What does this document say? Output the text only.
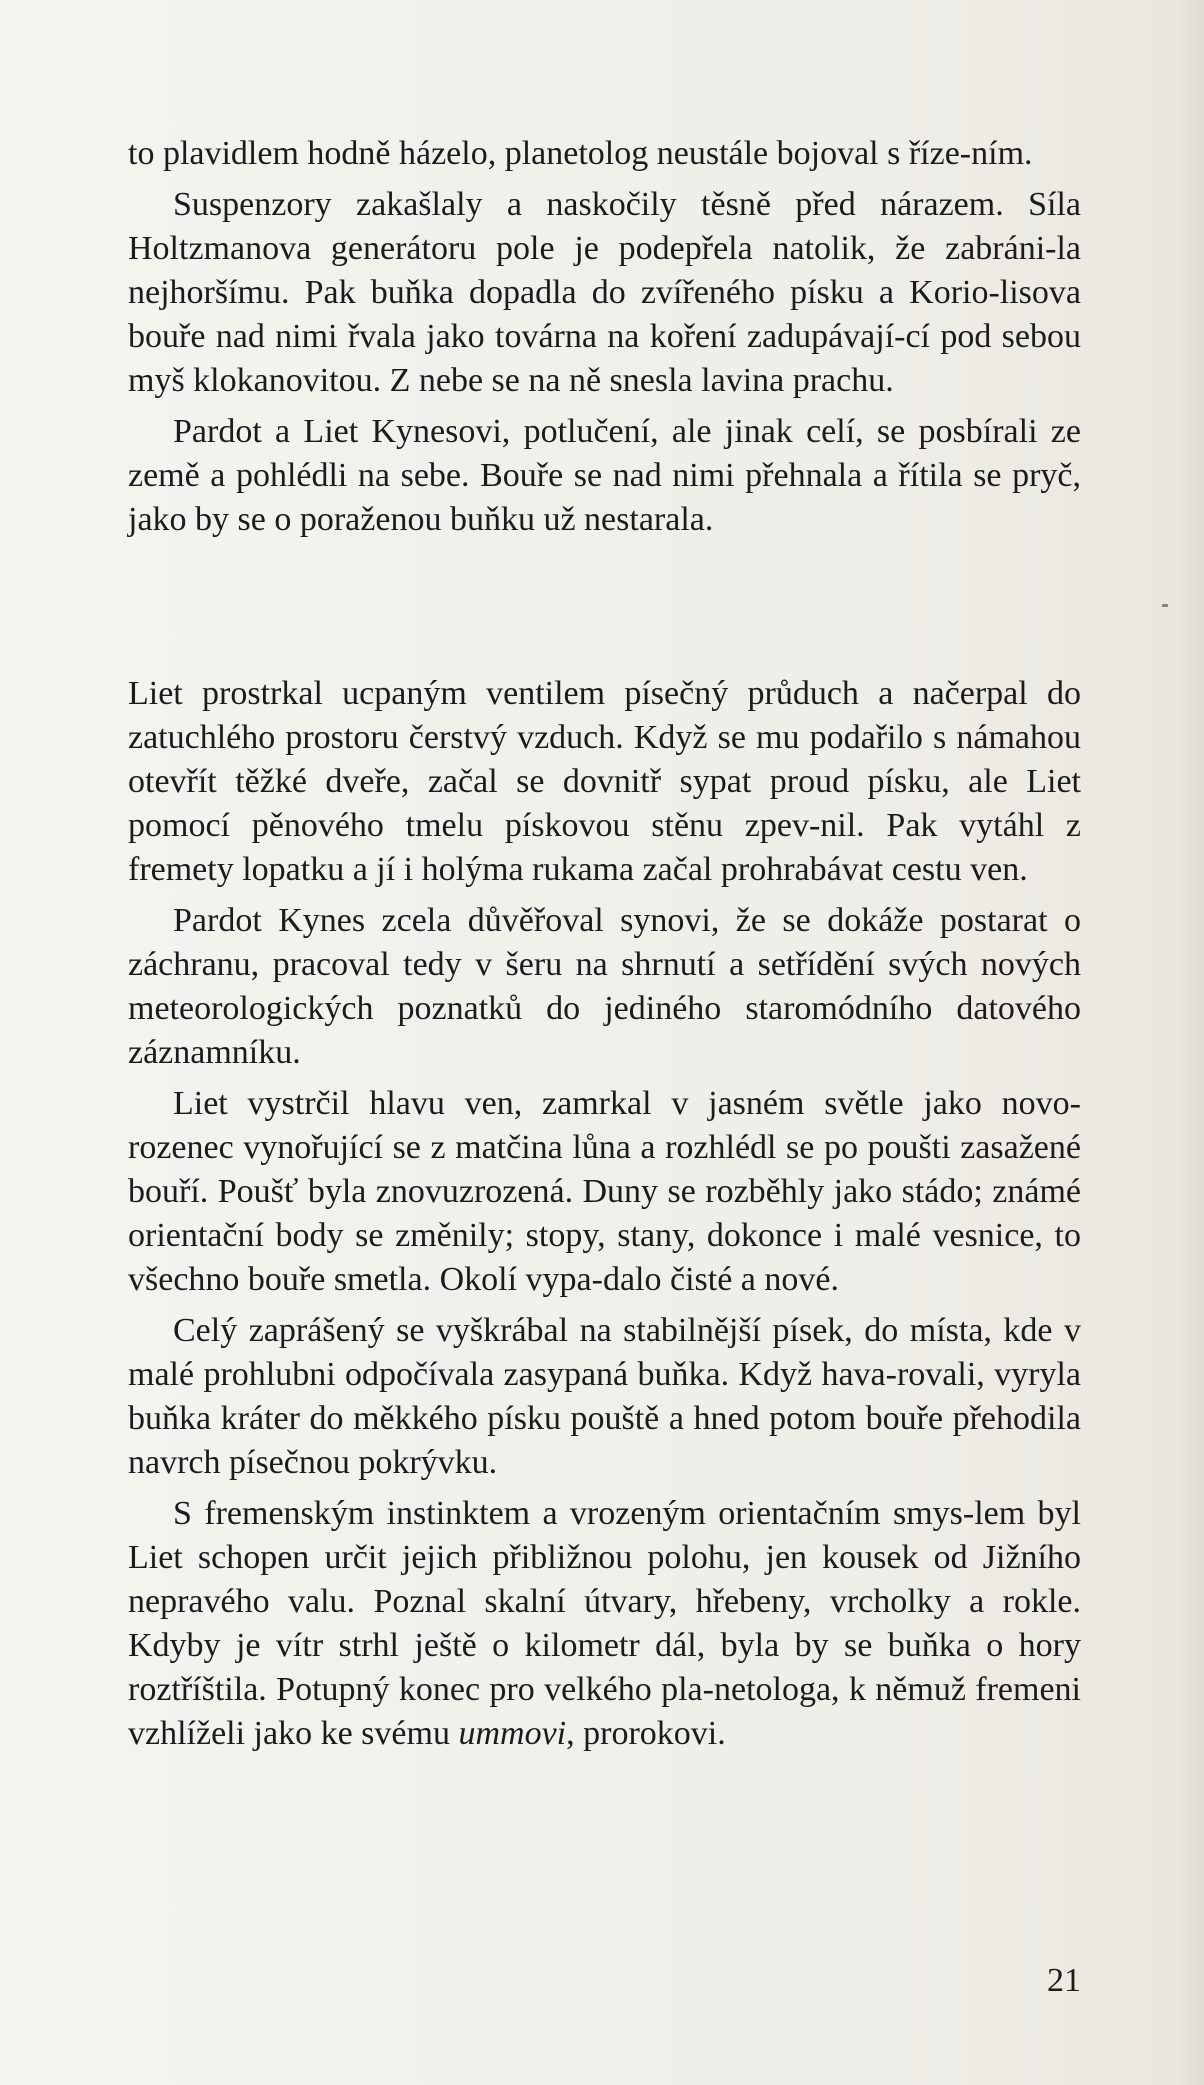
to plavidlem hodně házelo, planetolog neustále bojoval s říze-ním.

Suspenzory zakašlaly a naskočily těsně před nárazem. Síla Holtzmanova generátoru pole je podepřela natolik, že zabráni-la nejhoršímu. Pak buňka dopadla do zvířeného písku a Korio-lisova bouře nad nimi řvala jako továrna na koření zadupávají-cí pod sebou myš klokanovitou. Z nebe se na ně snesla lavina prachu.

Pardot a Liet Kynesovi, potlučení, ale jinak celí, se posbírali ze země a pohlédli na sebe. Bouře se nad nimi přehnala a řítila se pryč, jako by se o poraženou buňku už nestarala.

Liet prostrkal ucpaným ventilem písečný průduch a načerpal do zatuchlého prostoru čerstvý vzduch. Když se mu podařilo s námahou otevřít těžké dveře, začal se dovnitř sypat proud písku, ale Liet pomocí pěnového tmelu pískovou stěnu zpev-nil. Pak vytáhl z fremety lopatku a jí i holýma rukama začal prohrabávat cestu ven.

Pardot Kynes zcela důvěřoval synovi, že se dokáže postarat o záchranu, pracoval tedy v šeru na shrnutí a setřídění svých nových meteorologických poznatků do jediného staromódního datového záznamníku.

Liet vystrčil hlavu ven, zamrkal v jasném světle jako novo-rozenec vynořující se z matčina lůna a rozhlédl se po poušti zasažené bouří. Poušť byla znovuzrozená. Duny se rozběhly jako stádo; známé orientační body se změnily; stopy, stany, dokonce i malé vesnice, to všechno bouře smetla. Okolí vypa-dalo čisté a nové.

Celý zaprášený se vyškrábal na stabilnější písek, do místa, kde v malé prohlubni odpočívala zasypaná buňka. Když hava-rovali, vyryla buňka kráter do měkkého písku pouště a hned potom bouře přehodila navrch písečnou pokrývku.

S fremenským instinktem a vrozeným orientačním smys-lem byl Liet schopen určit jejich přibližnou polohu, jen kousek od Jižního nepravého valu. Poznal skalní útvary, hřebeny, vrcholky a rokle. Kdyby je vítr strhl ještě o kilometr dál, byla by se buňka o hory roztříštila. Potupný konec pro velkého pla-netologa, k němuž fremeni vzhlíželi jako ke svému ummovi, prorokovi.

21
